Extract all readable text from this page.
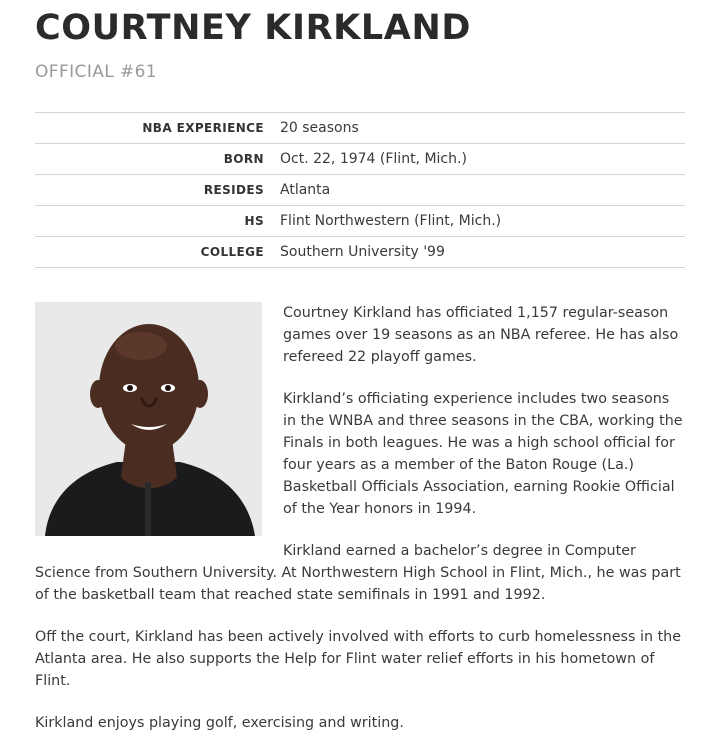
COURTNEY KIRKLAND
OFFICIAL #61
NBA EXPERIENCE	20 seasons
BORN	Oct. 22, 1974 (Flint, Mich.)
RESIDES	Atlanta
HS	Flint Northwestern (Flint, Mich.)
COLLEGE	Southern University '99

Courtney Kirkland has officiated 1,157 regular-season games over 19 seasons as an NBA referee. He has also refereed 22 playoff games.

Kirkland’s officiating experience includes two seasons in the WNBA and three seasons in the CBA, working the Finals in both leagues. He was a high school official for four years as a member of the Baton Rouge (La.) Basketball Officials Association, earning Rookie Official of the Year honors in 1994.

Kirkland earned a bachelor’s degree in Computer Science from Southern University. At Northwestern High School in Flint, Mich., he was part of the basketball team that reached state semifinals in 1991 and 1992.

Off the court, Kirkland has been actively involved with efforts to curb homelessness in the Atlanta area. He also supports the Help for Flint water relief efforts in his hometown of Flint.

Kirkland enjoys playing golf, exercising and writing.
